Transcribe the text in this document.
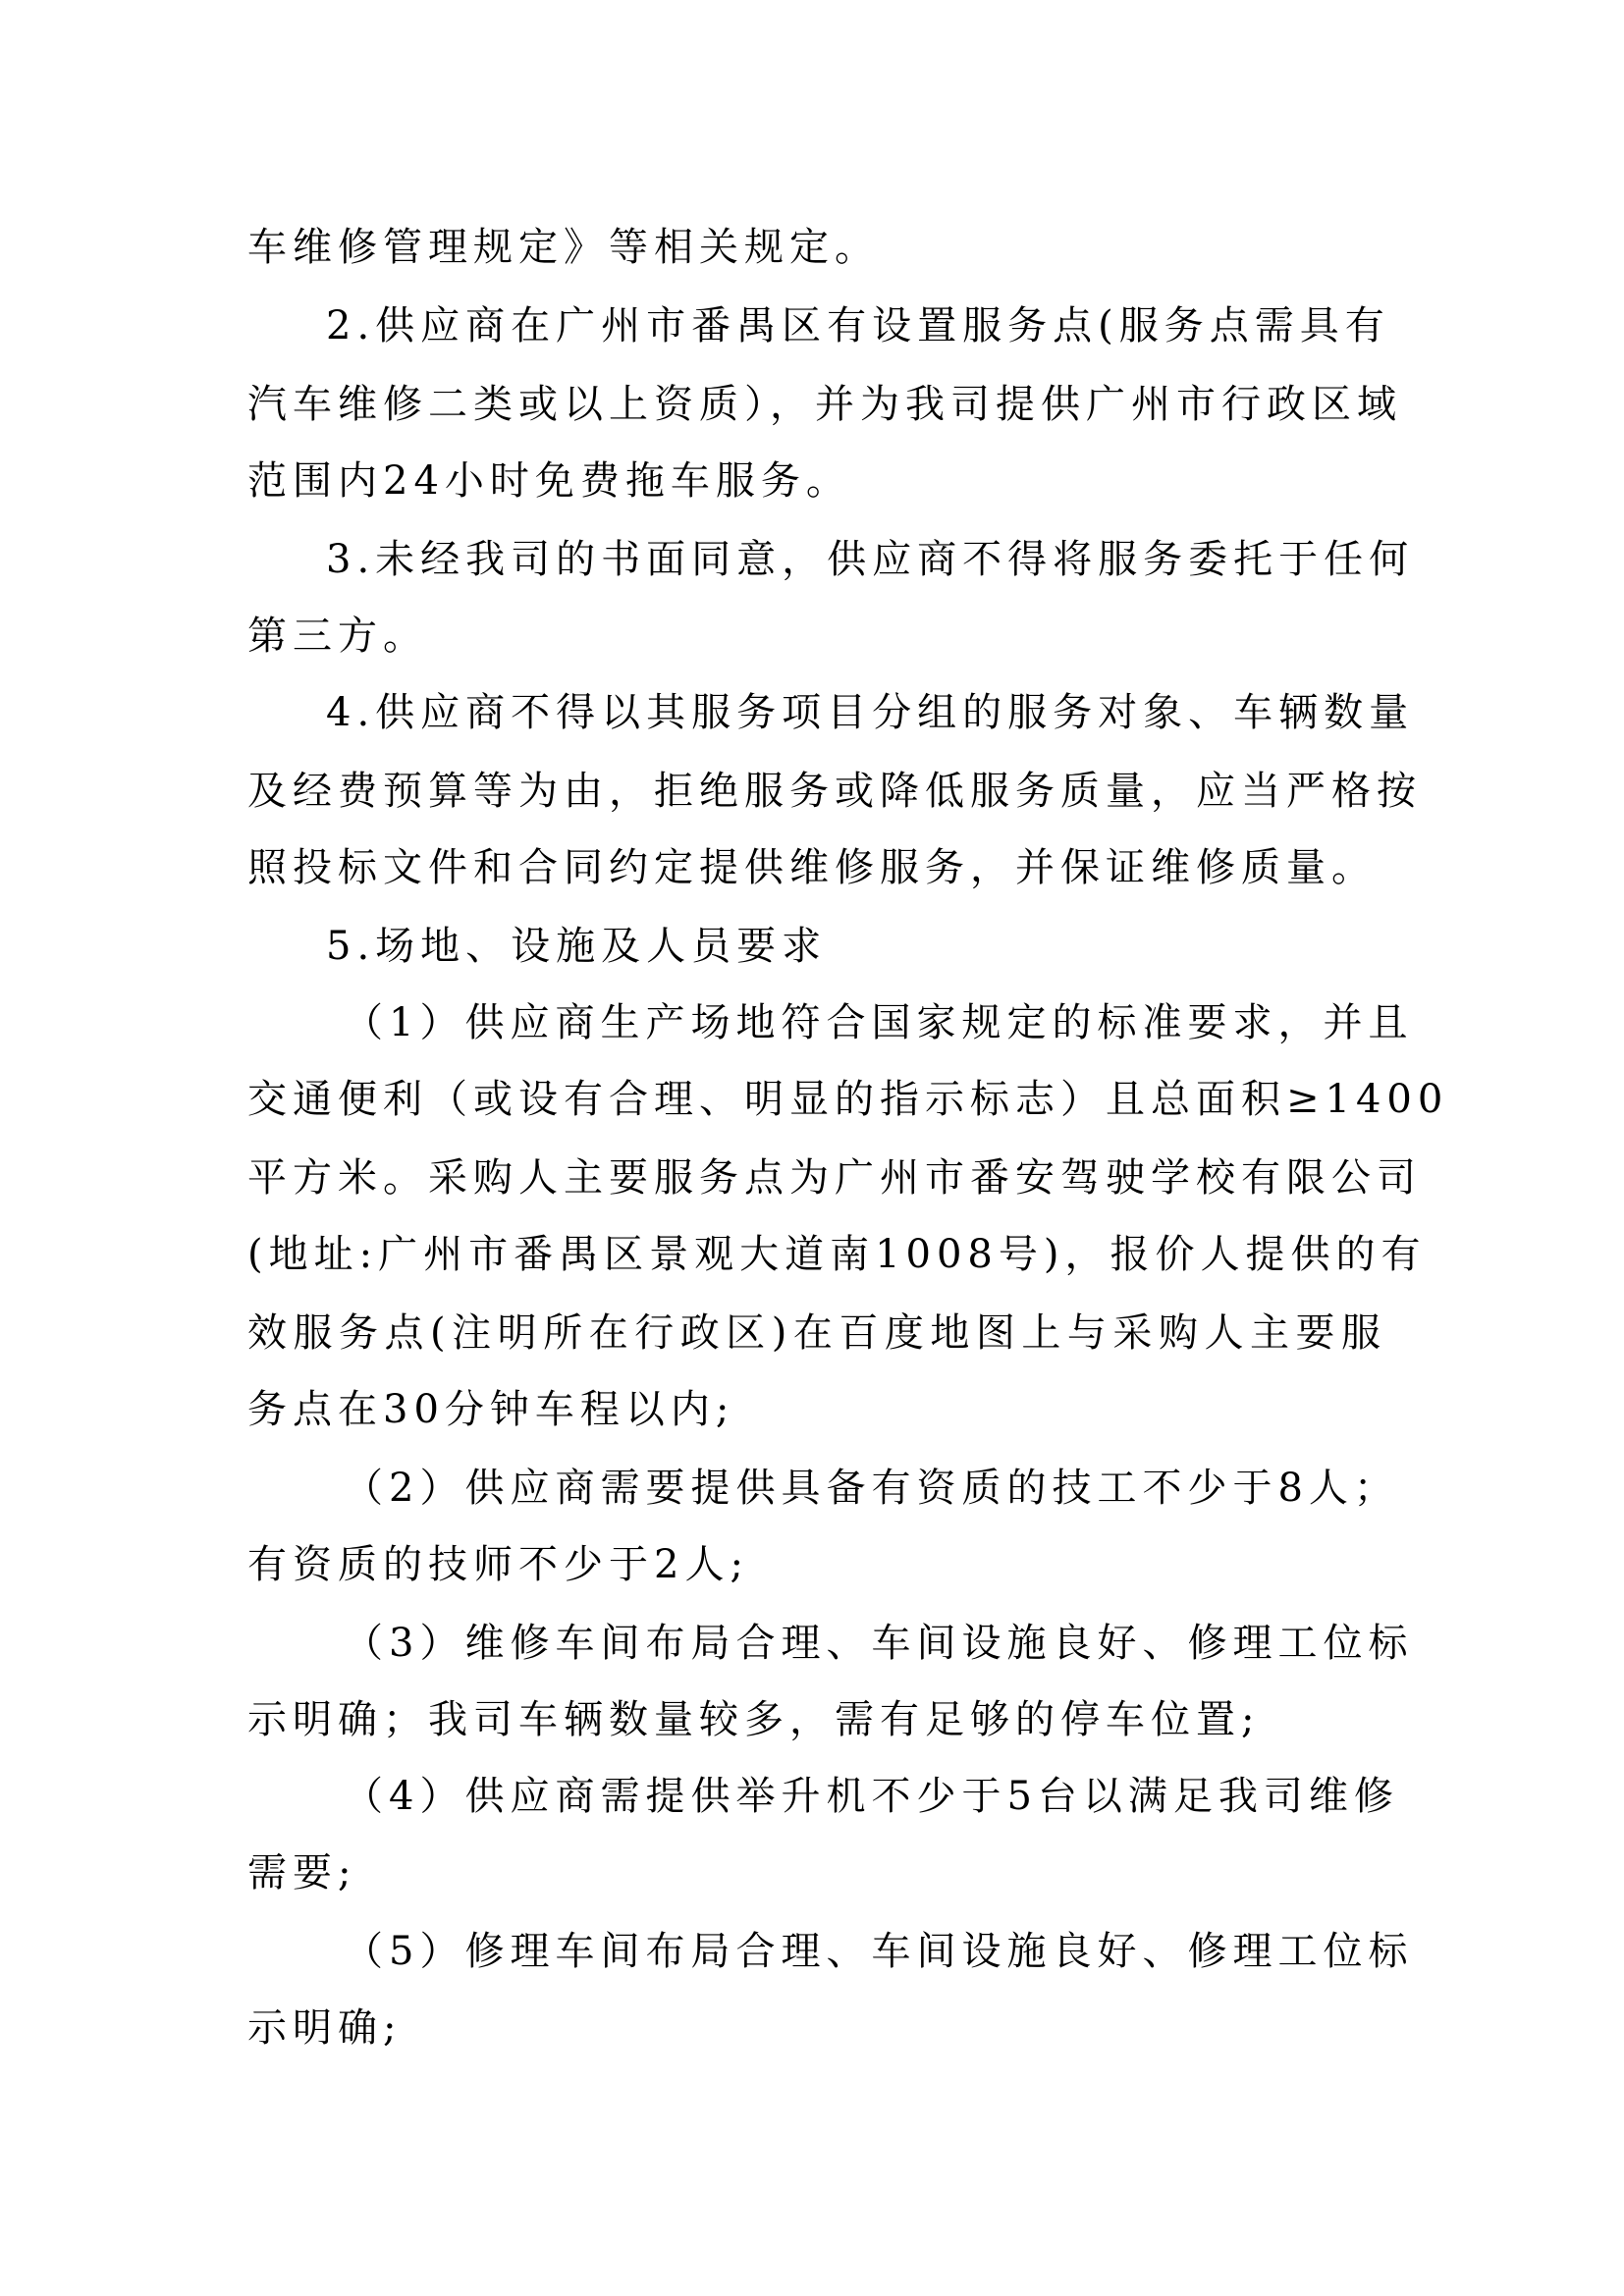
车维修管理规定》等相关规定。
2.供应商在广州市番禺区有设置服务点(服务点需具有
汽车维修二类或以上资质），并为我司提供广州市行政区域
范围内24小时免费拖车服务。
3.未经我司的书面同意，供应商不得将服务委托于任何
第三方。
4.供应商不得以其服务项目分组的服务对象、车辆数量
及经费预算等为由，拒绝服务或降低服务质量，应当严格按
照投标文件和合同约定提供维修服务，并保证维修质量。
5.场地、设施及人员要求
（1）供应商生产场地符合国家规定的标准要求，并且
交通便利（或设有合理、明显的指示标志）且总面积≥1400
平方米。采购人主要服务点为广州市番安驾驶学校有限公司
(地址:广州市番禺区景观大道南1008号)，报价人提供的有
效服务点(注明所在行政区)在百度地图上与采购人主要服
务点在30分钟车程以内;
（2）供应商需要提供具备有资质的技工不少于8人；
有资质的技师不少于2人;
（3）维修车间布局合理、车间设施良好、修理工位标
示明确；我司车辆数量较多，需有足够的停车位置;
（4）供应商需提供举升机不少于5台以满足我司维修
需要;
（5）修理车间布局合理、车间设施良好、修理工位标
示明确;
